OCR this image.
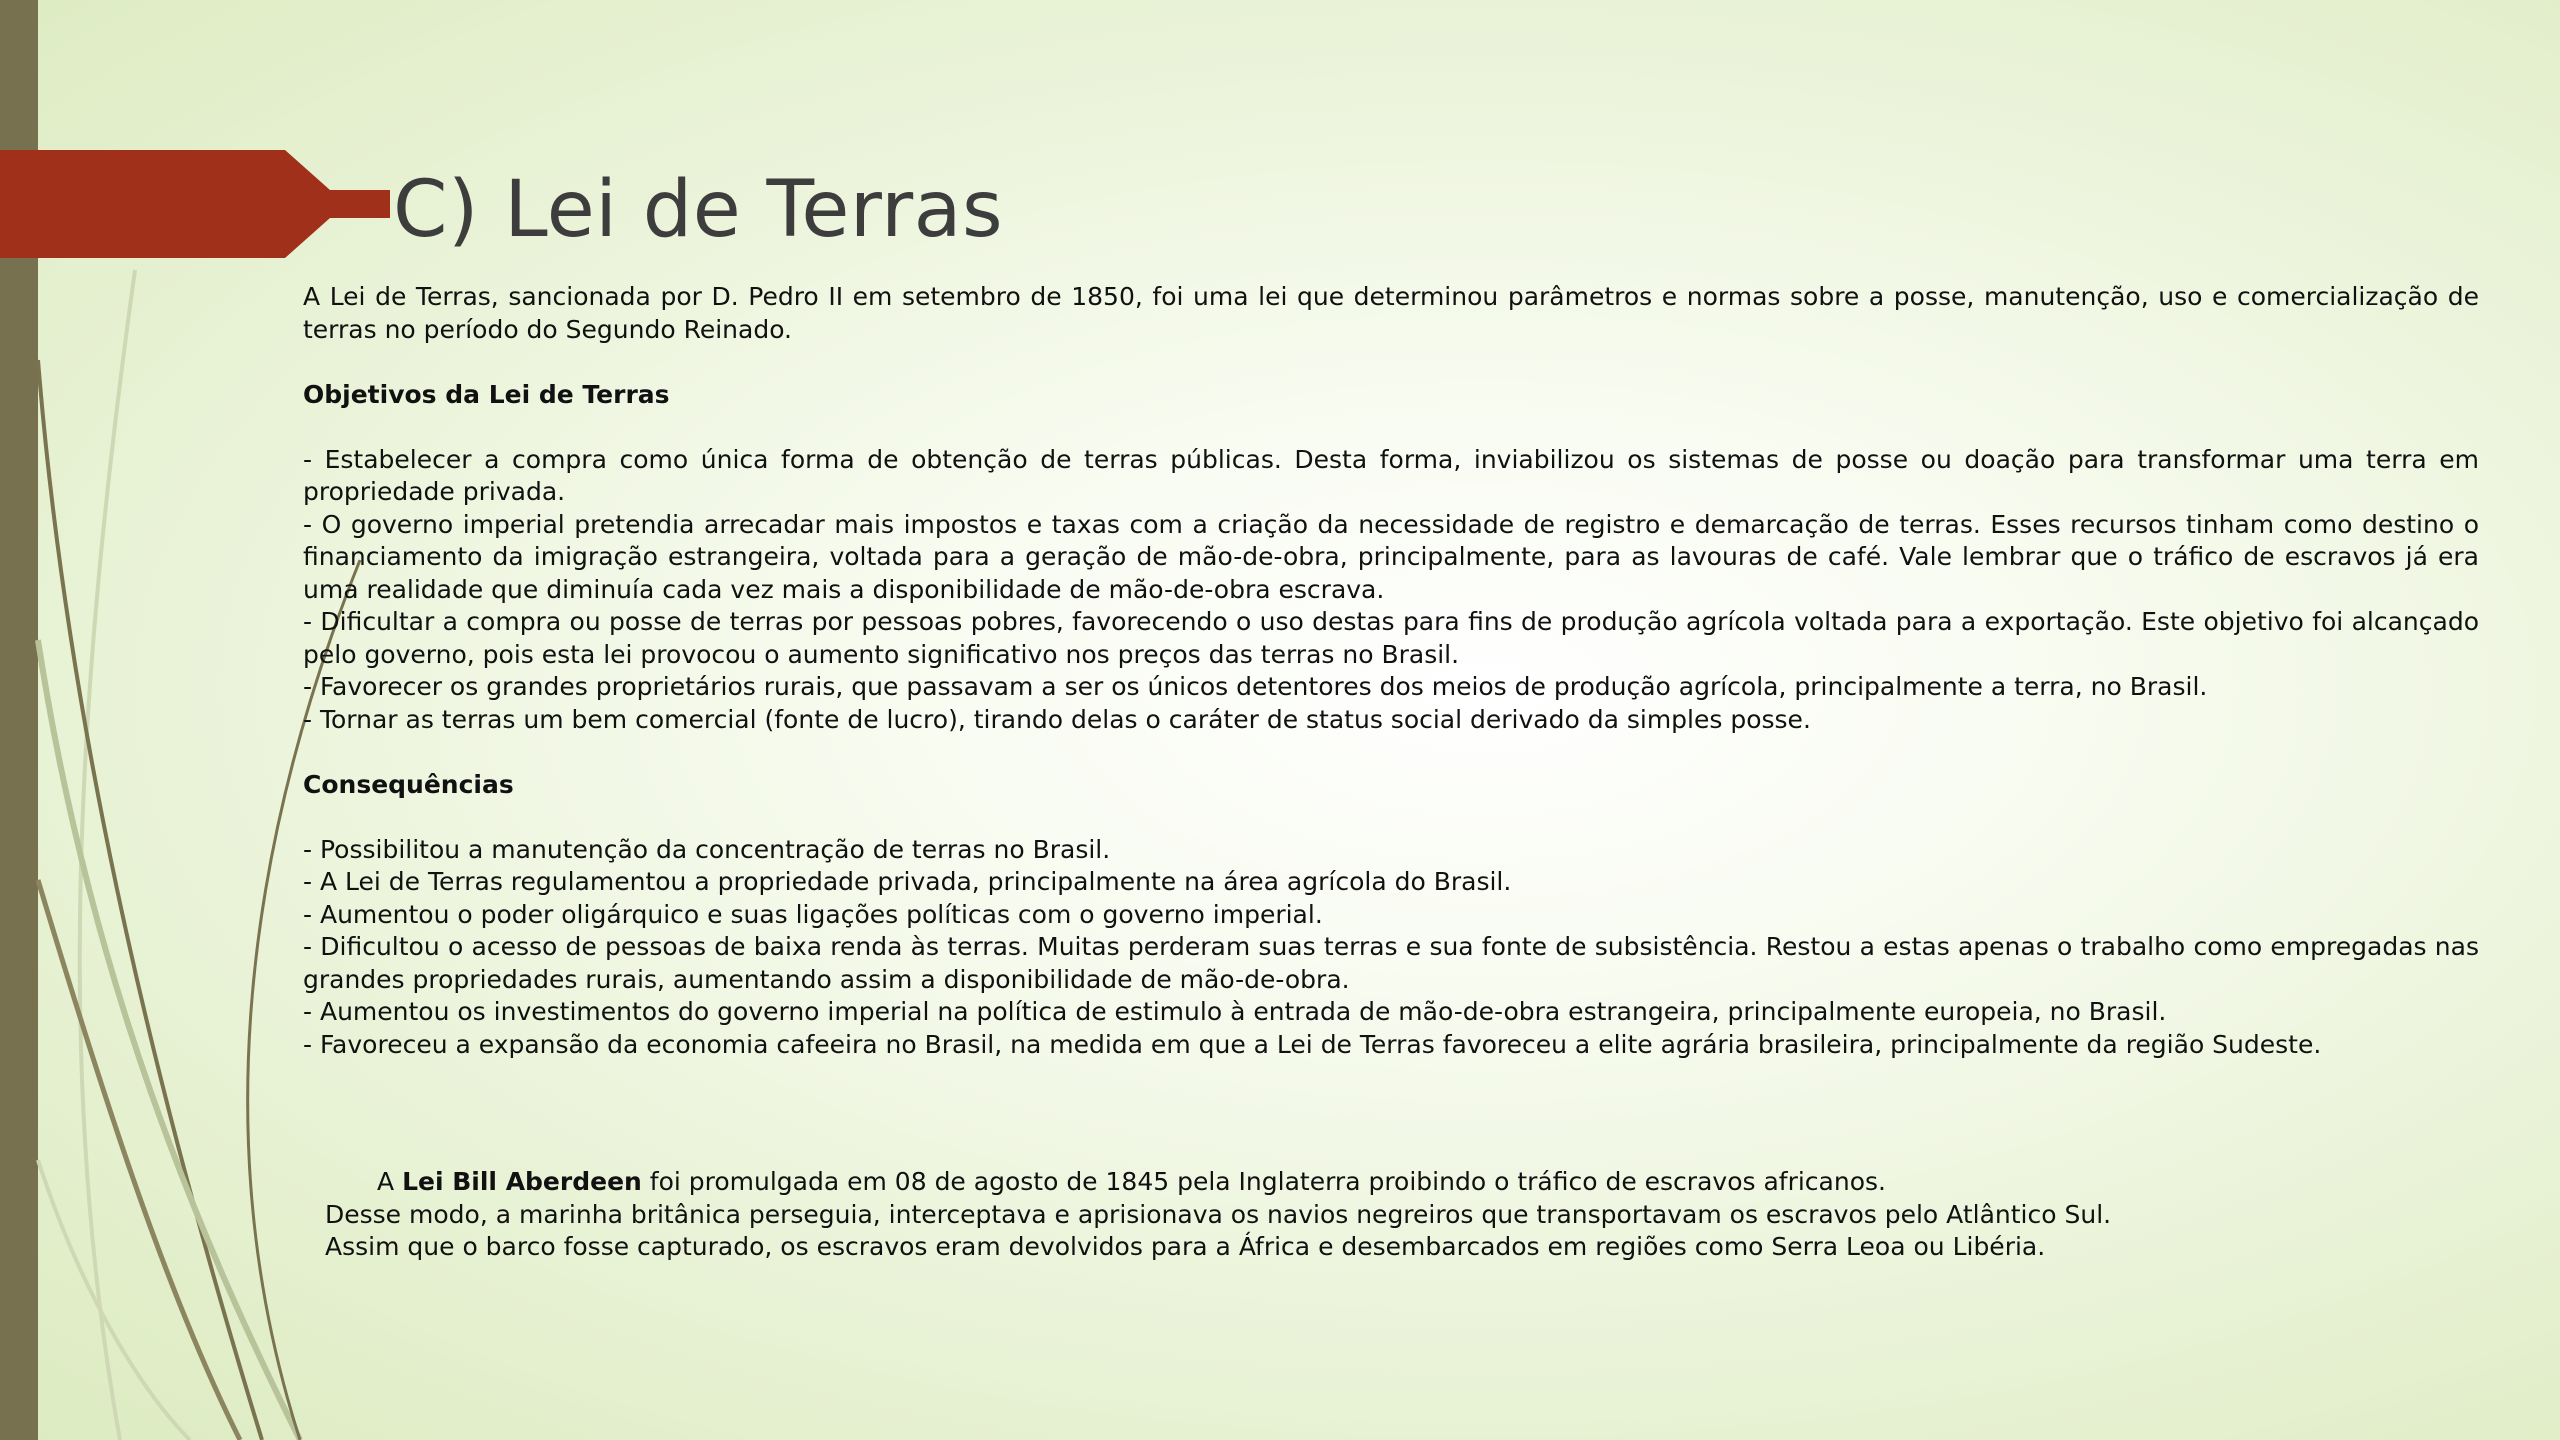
C) Lei de Terras

A Lei de Terras, sancionada por D. Pedro II em setembro de 1850, foi uma lei que determinou parâmetros e normas sobre a posse, manutenção, uso e comercialização de terras no período do Segundo Reinado.

Objetivos da Lei de Terras

- Estabelecer a compra como única forma de obtenção de terras públicas. Desta forma, inviabilizou os sistemas de posse ou doação para transformar uma terra em propriedade privada.

- O governo imperial pretendia arrecadar mais impostos e taxas com a criação da necessidade de registro e demarcação de terras. Esses recursos tinham como destino o financiamento da imigração estrangeira, voltada para a geração de mão-de-obra, principalmente, para as lavouras de café. Vale lembrar que o tráfico de escravos já era uma realidade que diminuía cada vez mais a disponibilidade de mão-de-obra escrava.

- Dificultar a compra ou posse de terras por pessoas pobres, favorecendo o uso destas para fins de produção agrícola voltada para a exportação. Este objetivo foi alcançado pelo governo, pois esta lei provocou o aumento significativo nos preços das terras no Brasil.

- Favorecer os grandes proprietários rurais, que passavam a ser os únicos detentores dos meios de produção agrícola, principalmente a terra, no Brasil.

- Tornar as terras um bem comercial (fonte de lucro), tirando delas o caráter de status social derivado da simples posse.

Consequências

- Possibilitou a manutenção da concentração de terras no Brasil.

- A Lei de Terras regulamentou a propriedade privada, principalmente na área agrícola do Brasil.

- Aumentou o poder oligárquico e suas ligações políticas com o governo imperial.

- Dificultou o acesso de pessoas de baixa renda às terras. Muitas perderam suas terras e sua fonte de subsistência. Restou a estas apenas o trabalho como empregadas nas grandes propriedades rurais, aumentando assim a disponibilidade de mão-de-obra.

- Aumentou os investimentos do governo imperial na política de estimulo à entrada de mão-de-obra estrangeira, principalmente europeia, no Brasil.

- Favoreceu a expansão da economia cafeeira no Brasil, na medida em que a Lei de Terras favoreceu a elite agrária brasileira, principalmente da região Sudeste.

A Lei Bill Aberdeen foi promulgada em 08 de agosto de 1845 pela Inglaterra proibindo o tráfico de escravos africanos.

Desse modo, a marinha britânica perseguia, interceptava e aprisionava os navios negreiros que transportavam os escravos pelo Atlântico Sul.

Assim que o barco fosse capturado, os escravos eram devolvidos para a África e desembarcados em regiões como Serra Leoa ou Libéria.
